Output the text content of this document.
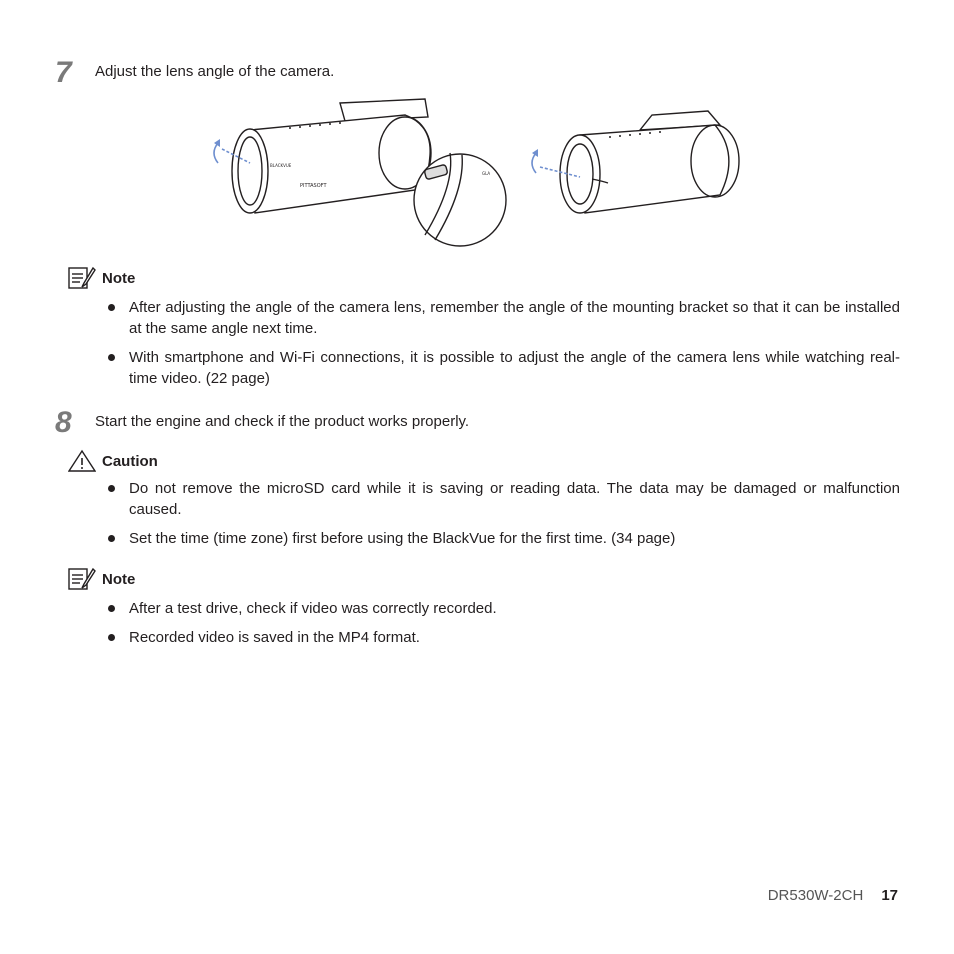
7 Adjust the lens angle of the camera.
PITTASOFT
BLACKVUE
GLA
Note
After adjusting the angle of the camera lens, remember the angle of the mounting bracket so that it can be installed at the same angle next time.
With smartphone and Wi-Fi connections, it is possible to adjust the angle of the camera lens while watching real-time video. (22 page)
8 Start the engine and check if the product works properly.
Caution
Do not remove the microSD card while it is saving or reading data. The data may be damaged or malfunction caused.
Set the time (time zone) first before using the BlackVue for the first time. (34 page)
Note
After a test drive, check if video was correctly recorded.
Recorded video is saved in the MP4 format.
DR530W-2CH 17
